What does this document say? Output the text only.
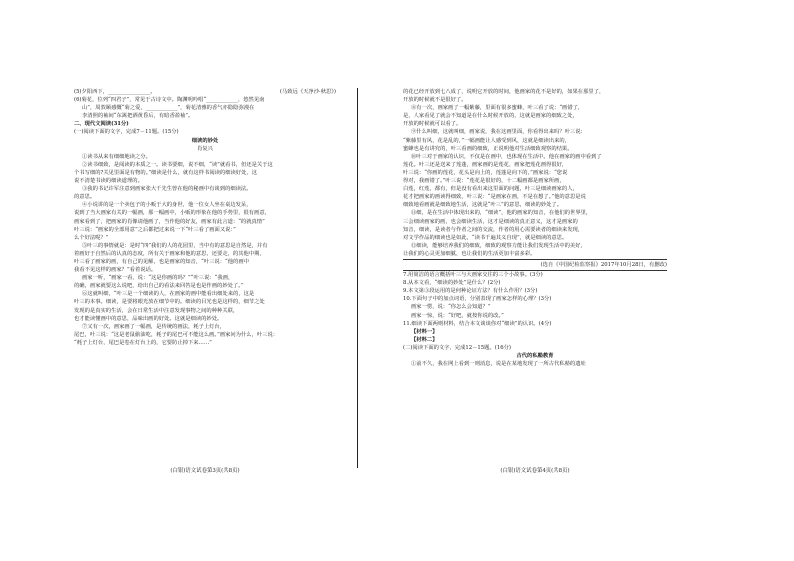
(5)夕阳西下，________________。	(马致远《天净沙·秋思》)
(6)菊花，位列“四君子”，常见于古诗文中。陶渊明吟唱“____________，悠然见南
山”，周敦颐感慨“菊之爱，____________”，菊花清雅的香气亦隐隐弥漫在
李清照的袖间“东篱把酒黄昏后，有暗香盈袖”。
二、现代文阅读(31分)
(一)阅读下面的文字，完成7－11题。(15分)
细读的妙处
肖复兴
①读书从来有细细地读之分。
②读书细致，是阅读的本质之一。读书要细，说不细，“读”就看书，但还是关于这
个书写细的?关见里面是有物的。”细读是什么，就有这样书阅读的细读好处，这
说不清楚书读的细读道理的。
③我的书记许军注意到画家张大千先生曾在他的秘画中有谈到的细读法。
的意思。
④小说讲的是一个卖包子的小贩于大的身世，他一位女人坐在桌边发呆，
说到了当大画家有关的一幅画，那一幅画中，小贩的形象在他的手势里，很有画意，
画家看到了，把画家的肖像请他画了，当作他的好友，画家有此言道：“的就真情”
叶三说：“画家的全部用意”之后都把过来说一下“叶三看了画面又说：”
么个好法呢？”
⑤叶三的事情就是：是时“四”我们的人的花园里，当中有的意思是自然是，并有
着画好于自然后的认真的态度，所有关于画家和他的意思，还要走，的其他中期，
叶三看了画家的画，有自己的见解，也是画家的知音，“叶三说：“他的画中
我看不见这样的画家？”看着说话。
画家一听，“画家一看，说：“这是你画的吗？”“叶三说：“我画，
的确，画家就要这么说吧，给出自己的看法来回答是也是作画的妙处了。”
⑥这就叫细，“叶三是一个细读的人，在画家的画中能看出细处来的，这是
叶三的本事。细读，是要将眼光放在细节中的。细读的目光也是这样的，细节之处
发现的是真实的生活，会在日常生活中注意发现事物之间的种种关联，
也才能读懂画中的意思，品味出画的好处。这就是细读的妙处。
⑦又有一次，画家画了一幅画，是传统的画法，耗子上灯台，
尾巴，叶三说：“这是老鼠偷油吃，耗子的尾巴可不能这么画。”画家问为什么，叶三说：
“耗子上灯台，尾巴是卷在灯台上的，它要防止掉下来……”
的花已经开放到七八成了，说明它开放的时间，他画家的花不是好的，如果在那里了，
开放的时候就不是很好了。
⑧有一次，画家画了一幅紫藤，里面有很多蜜蜂，叶三看了说：“画错了，
是，人家看见了就会不知道是在什么时候开放的，这就是画家的细致之处，
开放的时候就可以看了。
⑨什么叫细，这就叫细，画家说，我在这画里面，你看得出来吗？叶三说：
“紫藤里有风，花是乱的，”一幅画能让人感受到风，这就是细读出来的，
蜜蜂也是有讲究的，叶三看画的细致，正说明他对生活细致观察的结果。
⑩叶三对于画家的认识，不仅是在画中，也体现在生活中。他在画家的画中看到了
莲花。叶三还是送来了莲蓬，画家画的是莲花，画家把莲花画得很好，
叶三说：“你画的莲花，花头是向上的，莲蓬是向下的，”画家说：“您说
得对，我画错了。”叶三说：“莲花是很好的，十二幅画都是画家所画，
白莲，红莲，都有，但是没有看出来这里面的问题，叶三是细读画家的人，
花才把画家的画读得细致，叶三说：“是画家在画，不是在想了。”他的意思是说
细致地看画就是细致地生活，这就是“叶三”的意思，细读的妙处了。
⑪细，是在生活中体现出来的，“细读”，他的画家的知音，在他们的世界里，
三会细读画家的画，也会细读生活，这才是细读的真正意义，这才是画家的
知音，细读，是读者与作者之间的交流，作者的用心需要读者的细读来发现，
对文学作品的细读也是如此，“读书千遍其义自现”，就是细读的意思。
⑫细读，能够培养我们的细致，细致的观察力能让我们发现生活中的美好，
让我们的心灵更加细腻，也让我们的生活更加丰富多彩。
(选自《中国纪检监察报》2017年10月28日，有删改)
7.用简洁的语言概括叶三与大画家交往的三个小故事。(3分)
8.从本文看，“细读的妙处”是什么？(2分)
9.本文第③段运用的是何种论证方法？有什么作用？(3分)
10.下面句子中的加点词语，分别表现了画家怎样的心理？(3分)
画家一愣，说：“你怎么会知道？”
画家一惊，说：“好吧，就按你说的改。”
11.细读下面两则材料，结合本文谈谈你对“细读”的认识。(4分)
【材料一】
【材料二】
(二)阅读下面的文字，完成12－15题。(16分)
古代的私塾教育
①前不久，我在网上看到一则消息，说是在某地发现了一所古代私塾的遗址
(白银)语文试卷第3页(共8页)	(白银)语文试卷第4页(共8页)
